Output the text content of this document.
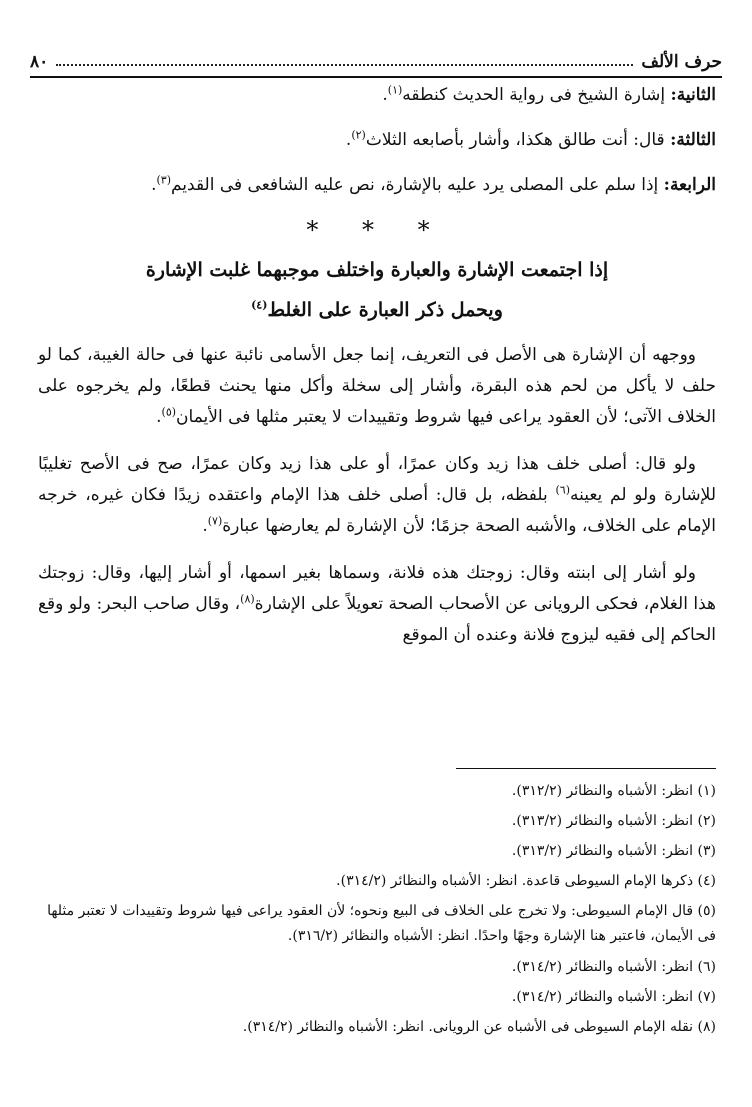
حرف الألف
٨٠

الثانية: إشارة الشيخ فى رواية الحديث كنطقه$^{(١)}$.

الثالثة: قال: أنت طالق هكذا، وأشار بأصابعه الثلاث$^{(٢)}$.

الرابعة: إذا سلم على المصلى يرد عليه بالإشارة، نص عليه الشافعى فى القديم$^{(٣)}$.

* * *
إذا اجتمعت الإشارة والعبارة واختلف موجبهما غلبت الإشارة
ويحمل ذكر العبارة على الغلط$^{(٤)}$

ووجهه أن الإشارة هى الأصل فى التعريف، إنما جعل الأسامى نائبة عنها فى حالة الغيبة، كما لو حلف لا يأكل من لحم هذه البقرة، وأشار إلى سخلة وأكل منها يحنث قطعًا، ولم يخرجوه على الخلاف الآتى؛ لأن العقود يراعى فيها شروط وتقييدات لا يعتبر مثلها فى الأيمان$^{(٥)}$.

ولو قال: أصلى خلف هذا زيد وكان عمرًا، أو على هذا زيد وكان عمرًا، صح فى الأصح تغليبًا للإشارة ولو لم يعينه$^{(٦)}$ بلفظه، بل قال: أصلى خلف هذا الإمام واعتقده زيدًا فكان غيره، خرجه الإمام على الخلاف، والأشبه الصحة جزمًا؛ لأن الإشارة لم يعارضها عبارة$^{(٧)}$.

ولو أشار إلى ابنته وقال: زوجتك هذه فلانة، وسماها بغير اسمها، أو أشار إليها، وقال: زوجتك هذا الغلام، فحكى الرويانى عن الأصحاب الصحة تعويلاً على الإشارة$^{(٨)}$، وقال صاحب البحر: ولو وقع الحاكم إلى فقيه ليزوج فلانة وعنده أن الموقع

(١) انظر: الأشباه والنظائر (٣١٢/٢).

(٢) انظر: الأشباه والنظائر (٣١٣/٢).

(٣) انظر: الأشباه والنظائر (٣١٣/٢).

(٤) ذكرها الإمام السيوطى قاعدة. انظر: الأشباه والنظائر (٣١٤/٢).

(٥) قال الإمام السيوطى: ولا تخرج على الخلاف فى البيع ونحوه؛ لأن العقود يراعى فيها شروط وتقييدات لا تعتبر مثلها فى الأيمان، فاعتبر هنا الإشارة وجهًا واحدًا. انظر: الأشباه والنظائر (٣١٦/٢).

(٦) انظر: الأشباه والنظائر (٣١٤/٢).

(٧) انظر: الأشباه والنظائر (٣١٤/٢).

(٨) نقله الإمام السيوطى فى الأشباه عن الرويانى. انظر: الأشباه والنظائر (٣١٤/٢).
